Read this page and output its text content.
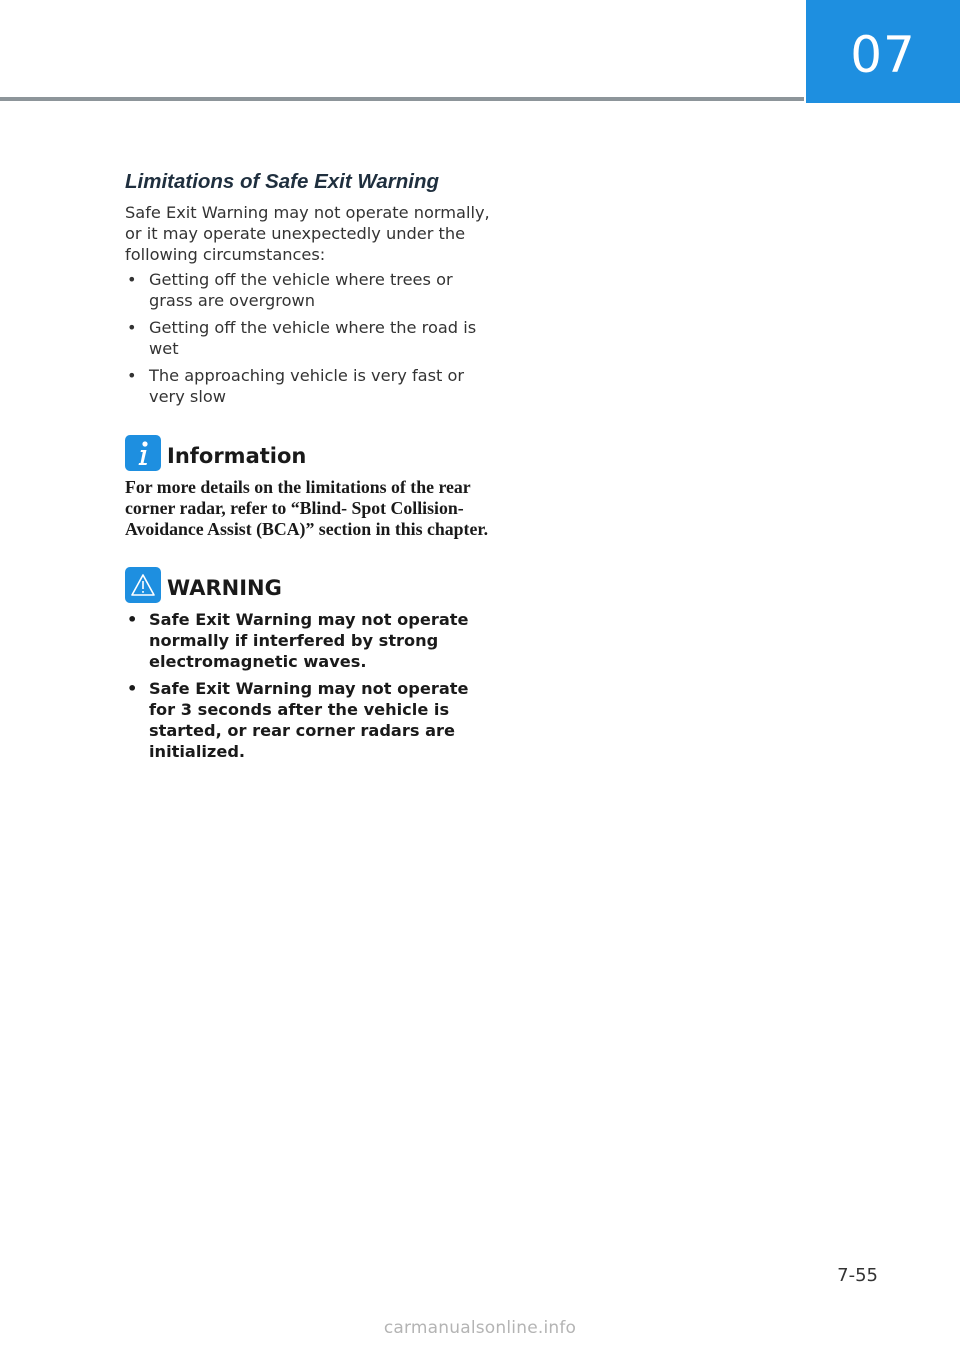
07
Limitations of Safe Exit Warning

Safe Exit Warning may not operate normally, or it may operate unexpectedly under the following circumstances:

• Getting off the vehicle where trees or grass are overgrown
• Getting off the vehicle where the road is wet
• The approaching vehicle is very fast or very slow
Information

For more details on the limitations of the rear corner radar, refer to “Blind- Spot Collision-Avoidance Assist (BCA)” section in this chapter.

WARNING
• Safe Exit Warning may not operate normally if interfered by strong electromagnetic waves.
• Safe Exit Warning may not operate for 3 seconds after the vehicle is started, or rear corner radars are initialized.
7-55
carmanualsonline.info
